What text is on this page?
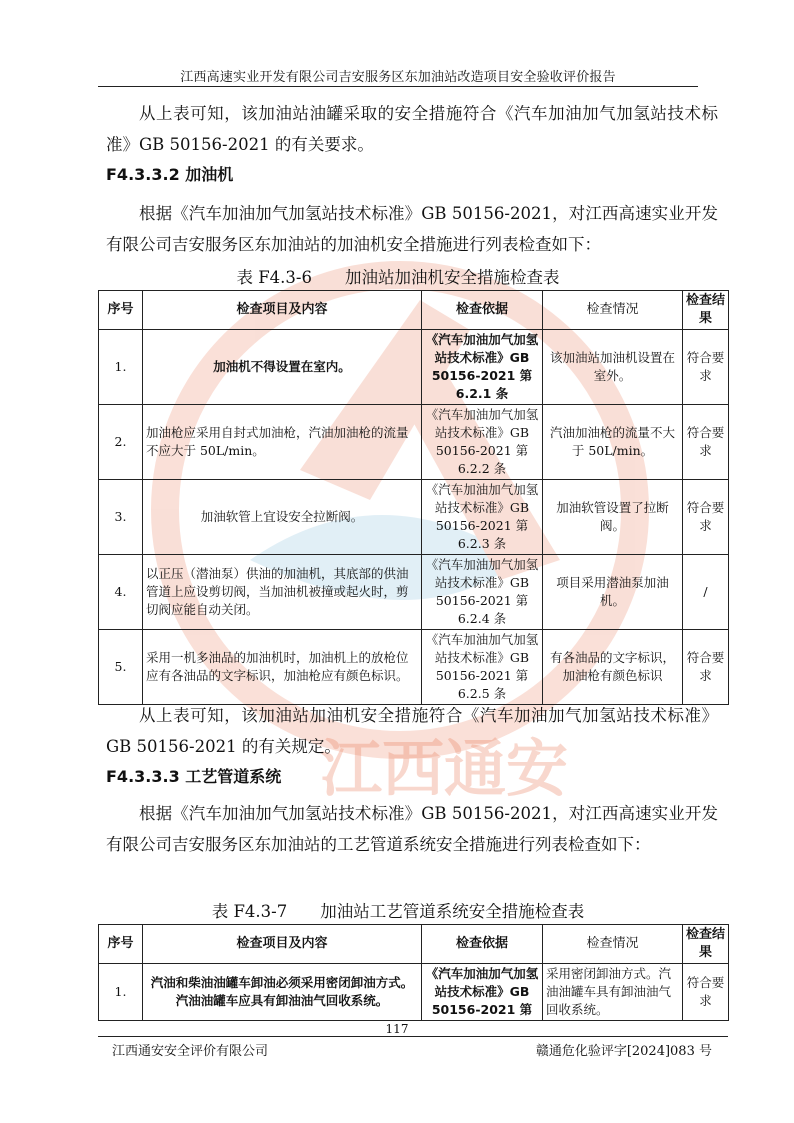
江西通安
江西高速实业开发有限公司吉安服务区东加油站改造项目安全验收评价报告
从上表可知，该加油站油罐采取的安全措施符合《汽车加油加气加氢站技术标准》GB 50156-2021 的有关要求。
F4.3.3.2 加油机
根据《汽车加油加气加氢站技术标准》GB 50156-2021，对江西高速实业开发有限公司吉安服务区东加油站的加油机安全措施进行列表检查如下：
表 F4.3-6　　加油站加油机安全措施检查表
序号	检查项目及内容	检查依据	检查情况	检查结果
1.	加油机不得设置在室内。	《汽车加油加气加氢站技术标准》GB 50156-2021 第 6.2.1 条	该加油站加油机设置在室外。	符合要求
2.	加油枪应采用自封式加油枪，汽油加油枪的流量不应大于 50L/min。	《汽车加油加气加氢站技术标准》GB 50156-2021 第 6.2.2 条	汽油加油枪的流量不大于 50L/min。	符合要求
3.	加油软管上宜设安全拉断阀。	《汽车加油加气加氢站技术标准》GB 50156-2021 第 6.2.3 条	加油软管设置了拉断阀。	符合要求
4.	以正压（潜油泵）供油的加油机，其底部的供油管道上应设剪切阀，当加油机被撞或起火时，剪切阀应能自动关闭。	《汽车加油加气加氢站技术标准》GB 50156-2021 第 6.2.4 条	项目采用潜油泵加油机。	/
5.	采用一机多油品的加油机时，加油机上的放枪位应有各油品的文字标识，加油枪应有颜色标识。	《汽车加油加气加氢站技术标准》GB 50156-2021 第 6.2.5 条	有各油品的文字标识，加油枪有颜色标识	符合要求
从上表可知，该加油站加油机安全措施符合《汽车加油加气加氢站技术标准》GB 50156-2021 的有关规定。
F4.3.3.3 工艺管道系统
根据《汽车加油加气加氢站技术标准》GB 50156-2021，对江西高速实业开发有限公司吉安服务区东加油站的工艺管道系统安全措施进行列表检查如下：
表 F4.3-7　　加油站工艺管道系统安全措施检查表
序号	检查项目及内容	检查依据	检查情况	检查结果
1.	汽油和柴油油罐车卸油必须采用密闭卸油方式。汽油油罐车应具有卸油油气回收系统。	《汽车加油加气加氢站技术标准》GB 50156-2021 第	采用密闭卸油方式。汽油油罐车具有卸油油气回收系统。	符合要求
117
江西通安安全评价有限公司	赣通危化验评字[2024]083 号
